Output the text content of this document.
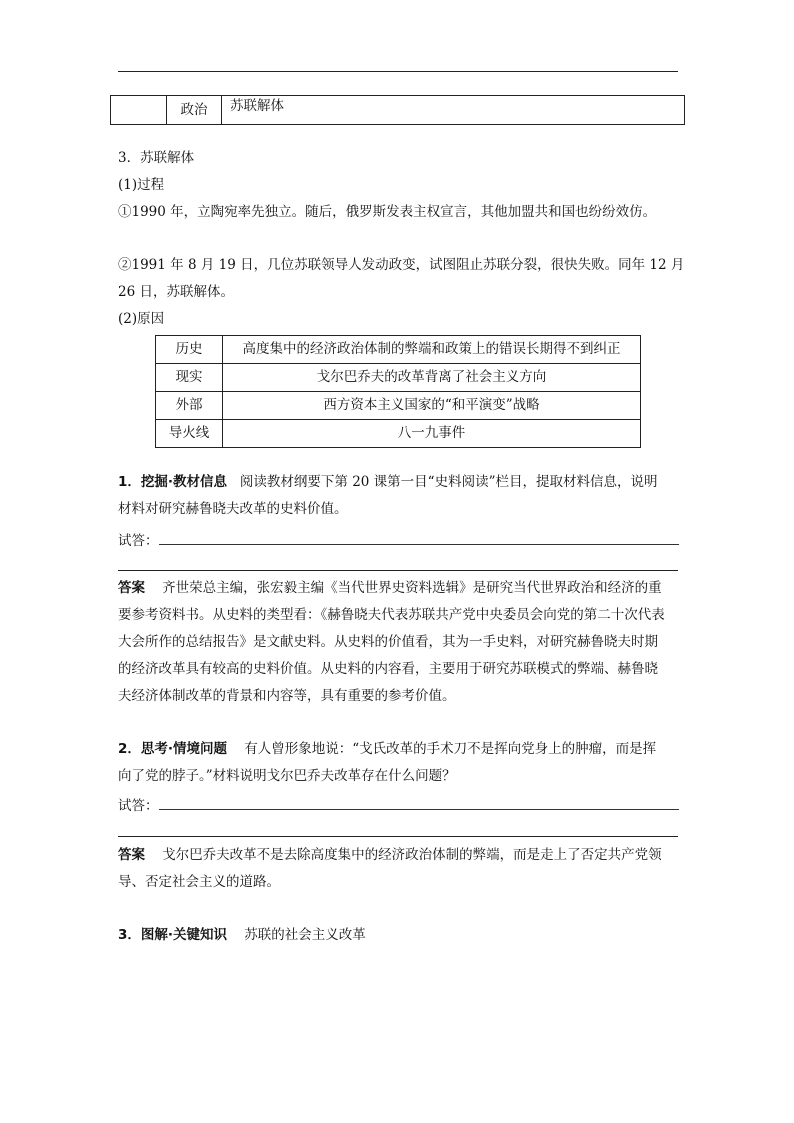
	政治	苏联解体
3．苏联解体
(1)过程
①1990 年，立陶宛率先独立。随后，俄罗斯发表主权宣言，其他加盟共和国也纷纷效仿。
②1991 年 8 月 19 日，几位苏联领导人发动政变，试图阻止苏联分裂，很快失败。同年 12 月
26 日，苏联解体。
(2)原因
历史	高度集中的经济政治体制的弊端和政策上的错误长期得不到纠正
现实	戈尔巴乔夫的改革背离了社会主义方向
外部	西方资本主义国家的“和平演变”战略
导火线	八一九事件
1．挖掘·教材信息 阅读教材纲要下第 20 课第一目“史料阅读”栏目，提取材料信息，说明
材料对研究赫鲁晓夫改革的史料价值。
试答：
答案 齐世荣总主编，张宏毅主编《当代世界史资料选辑》是研究当代世界政治和经济的重
要参考资料书。从史料的类型看：《赫鲁晓夫代表苏联共产党中央委员会向党的第二十次代表
大会所作的总结报告》是文献史料。从史料的价值看，其为一手史料，对研究赫鲁晓夫时期
的经济改革具有较高的史料价值。从史料的内容看，主要用于研究苏联模式的弊端、赫鲁晓
夫经济体制改革的背景和内容等，具有重要的参考价值。
2．思考·情境问题 有人曾形象地说：“戈氏改革的手术刀不是挥向党身上的肿瘤，而是挥
向了党的脖子。”材料说明戈尔巴乔夫改革存在什么问题？
试答：
答案 戈尔巴乔夫改革不是去除高度集中的经济政治体制的弊端，而是走上了否定共产党领
导、否定社会主义的道路。
3．图解·关键知识 苏联的社会主义改革
